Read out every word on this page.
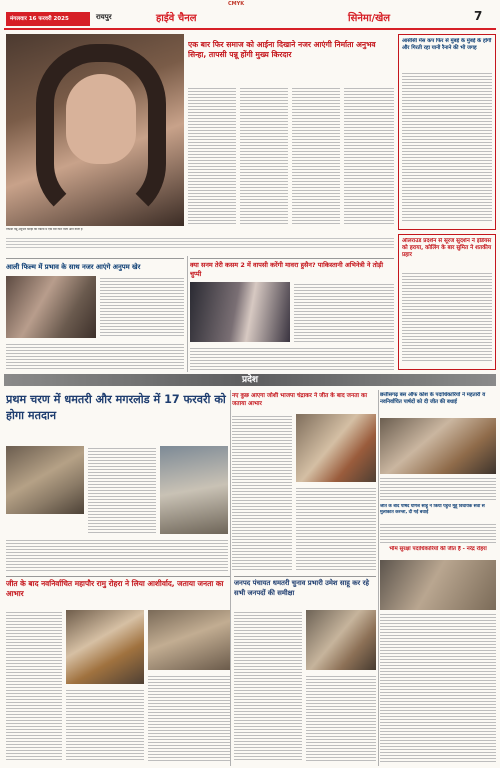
CMYK
मंगलवार 16 फरवरी 2025	रायपुर	हाईवे चैनल	सिनेमा/खेल	7
एक बार फिर समाज को आईना दिखाने नजर आएंगी निर्माता अनुभव सिन्हा, तापसी पन्नू होंगी मुख्य किरदार
तापसी पन्नू अनुभव सिन्हा की फिल्म में एक बार फिर नजर आने वाली हैं
आली फिल्म में प्रभाव के साथ नजर आएंगे अनुपम खेर	क्या सनम तेरी कसम 2 में वापसी करेंगी मावरा हुसैन? पाकिस्तानी अभिनेत्री ने तोड़ी चुप्पी
आसीसी मेंस कप फिर से मुंबई के मुंबई के होंगी और गिरती रहा यानी रैनाने की भी जगह
ऑलराउंड प्रदर्शन से सूरज सुदर्शन ने इंडियंस को हराया, कोलिंग के बार सुमित ने शतकीय प्रहार
प्रदेश
प्रथम चरण में धमतरी और मगरलोड में 17 फरवरी को होगा मतदान
नए कुछ आएगा जोशी भाजपा चंद्राकर ने जीत के बाद जनता का जताया आभार
छत्तीसगढ़ बस ऑफ कोश के पदाधिकारियों ने महतारी व नवनिर्वाचित पार्षदों को दी जीत की बधाई
जीत के बाद पार्षद योगेश साहू ने किया पहुंचे मुहूँ विधायक सेवा से मुलाकात करन्ता, दी गई बधाई
भीम सुरक्षा पदाधिकारियों की जीत है - नरेंद्र रोहरा
जीत के बाद नवनिर्वाचित महापौर रामु रोहरा ने लिया आशीर्वाद, जताया जनता का आभार
जनपद पंचायत धमतरी चुनाव प्रभारी उमेश साहू कर रहे सभी जनपदों की समीक्षा
